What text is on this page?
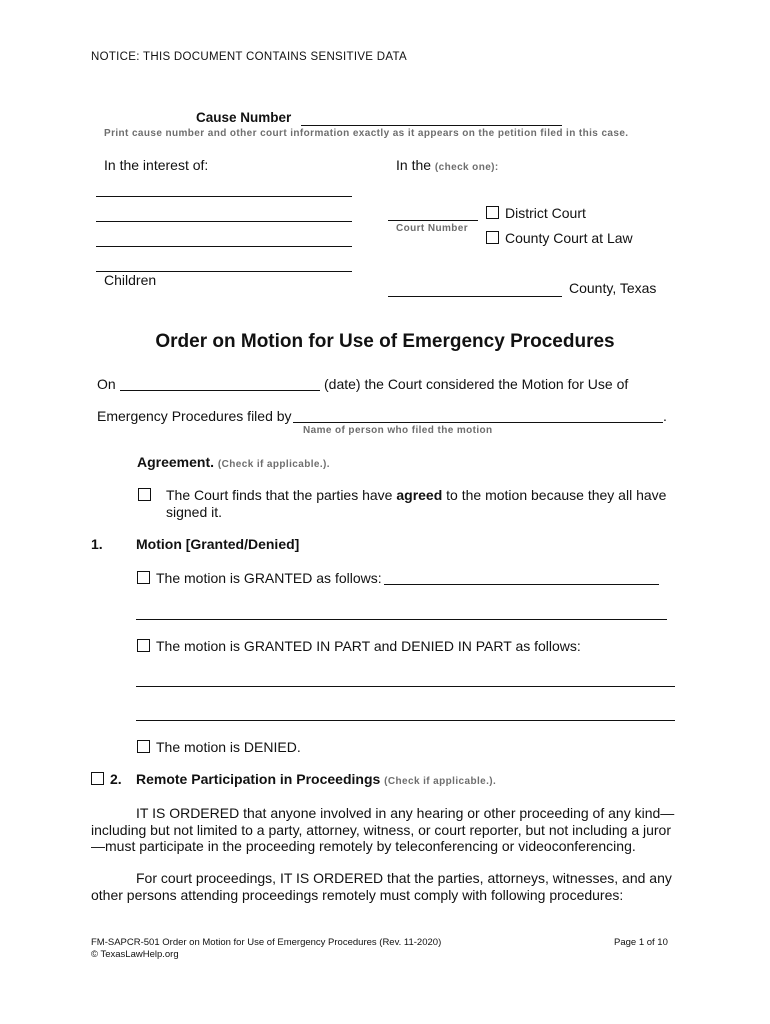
NOTICE: THIS DOCUMENT CONTAINS SENSITIVE DATA
Cause Number
Print cause number and other court information exactly as it appears on the petition filed in this case.
In the interest of:
Children
In the (check one):
Court Number
District Court
County Court at Law
County, Texas
Order on Motion for Use of Emergency Procedures
On	(date) the Court considered the Motion for Use of
Emergency Procedures filed by	.
Name of person who filed the motion
Agreement. (Check if applicable.).
The Court finds that the parties have agreed to the motion because they all have
signed it.
1. Motion [Granted/Denied]
The motion is GRANTED as follows:
The motion is GRANTED IN PART and DENIED IN PART as follows:
The motion is DENIED.
2. Remote Participation in Proceedings (Check if applicable.).
IT IS ORDERED that anyone involved in any hearing or other proceeding of any kind—including but not limited to a party, attorney, witness, or court reporter, but not including a juror—must participate in the proceeding remotely by teleconferencing or videoconferencing.
For court proceedings, IT IS ORDERED that the parties, attorneys, witnesses, and any other persons attending proceedings remotely must comply with following procedures:
FM-SAPCR-501 Order on Motion for Use of Emergency Procedures (Rev. 11-2020)
© TexasLawHelp.org
Page 1 of 10
